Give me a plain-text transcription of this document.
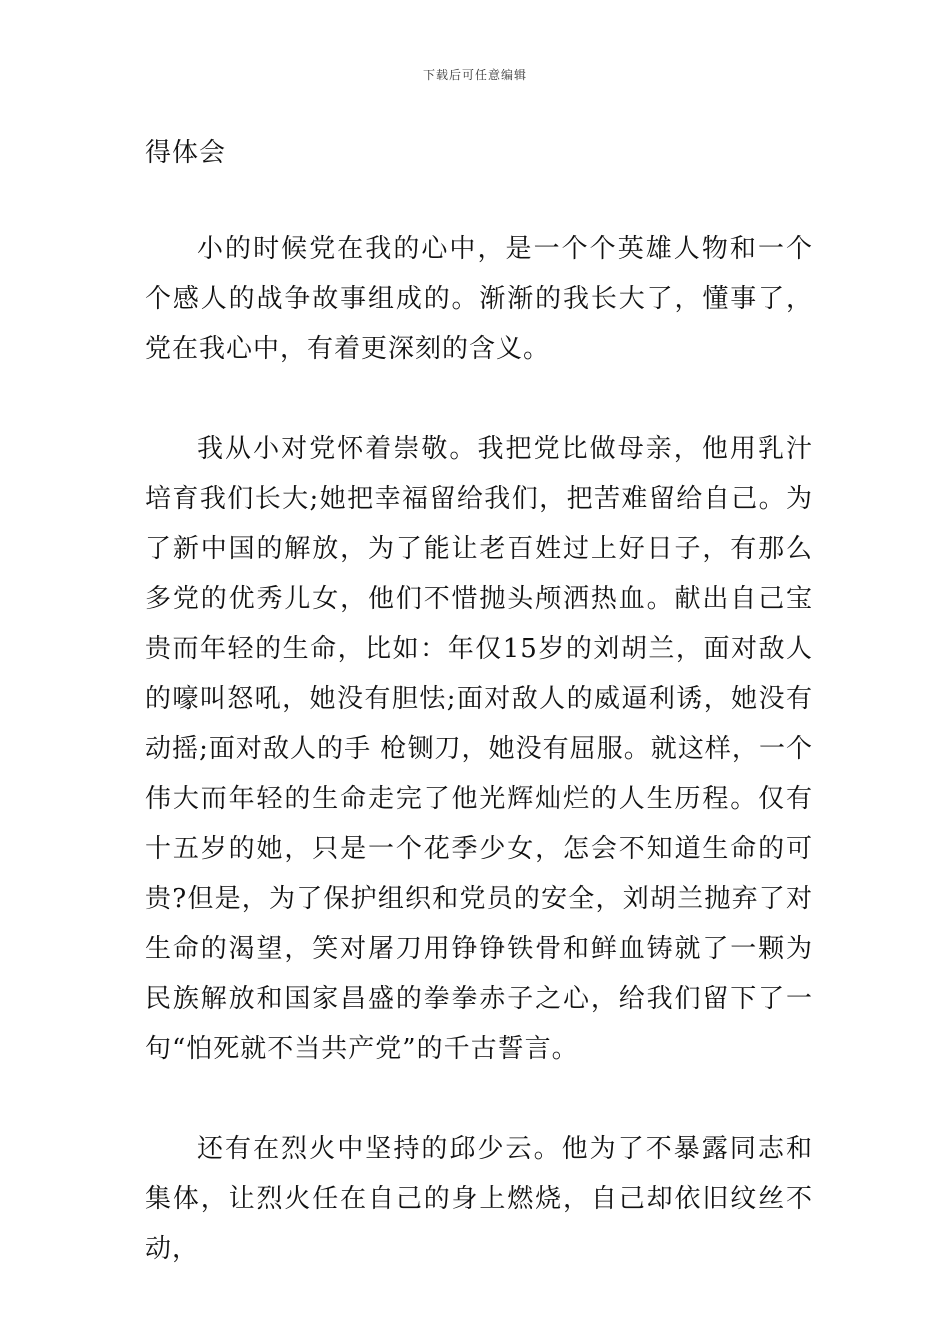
下载后可任意编辑
得体会

小的时候党在我的心中，是一个个英雄人物和一个个感人的战争故事组成的。渐渐的我长大了，懂事了，党在我心中，有着更深刻的含义。

我从小对党怀着崇敬。我把党比做母亲，他用乳汁培育我们长大;她把幸福留给我们，把苦难留给自己。为了新中国的解放，为了能让老百姓过上好日子，有那么多党的优秀儿女，他们不惜抛头颅洒热血。献出自己宝贵而年轻的生命，比如：年仅15岁的刘胡兰，面对敌人的嚎叫怒吼，她没有胆怯;面对敌人的威逼利诱，她没有动摇;面对敌人的手 枪铡刀，她没有屈服。就这样，一个伟大而年轻的生命走完了他光辉灿烂的人生历程。仅有十五岁的她，只是一个花季少女，怎会不知道生命的可贵?但是，为了保护组织和党员的安全，刘胡兰抛弃了对生命的渴望，笑对屠刀用铮铮铁骨和鲜血铸就了一颗为民族解放和国家昌盛的拳拳赤子之心，给我们留下了一句“怕死就不当共产党”的千古誓言。

还有在烈火中坚持的邱少云。他为了不暴露同志和集体，让烈火任在自己的身上燃烧，自己却依旧纹丝不动，
